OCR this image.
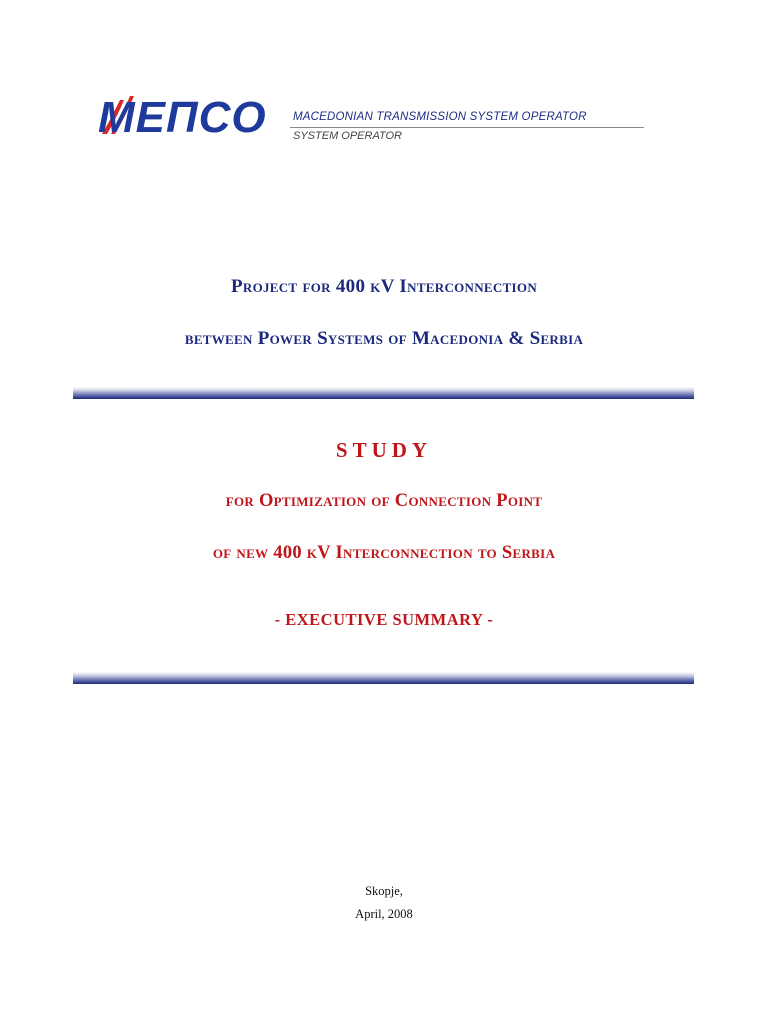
МЕПСО MACEDONIAN TRANSMISSION SYSTEM OPERATOR
SYSTEM OPERATOR
Project for 400 kV Interconnection
between Power Systems of Macedonia & Serbia
STUDY
for Optimization of Connection Point
of new 400 kV Interconnection to Serbia
- EXECUTIVE SUMMARY -
Skopje,
April, 2008
